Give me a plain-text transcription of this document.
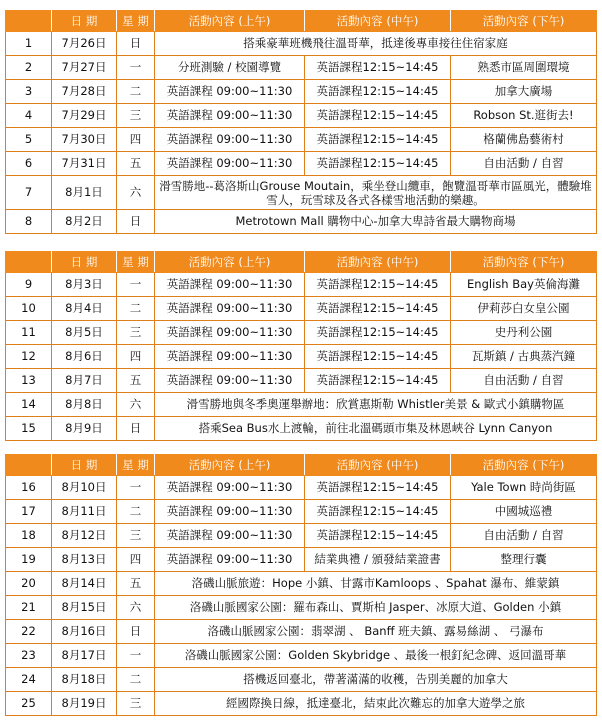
	日 期	星 期	活動內容 (上午)	活動內容 (中午)	活動內容 (下午)
1	7月26日	日	搭乘豪華班機飛往溫哥華，抵達後專車接往住宿家庭		
2	7月27日	一	分班測驗 / 校園導覽	英語課程12:15~14:45	熟悉市區周圍環境
3	7月28日	二	英語課程 09:00~11:30	英語課程12:15~14:45	加拿大廣場
4	7月29日	三	英語課程 09:00~11:30	英語課程12:15~14:45	Robson St.逛街去!
5	7月30日	四	英語課程 09:00~11:30	英語課程12:15~14:45	格蘭佛島藝術村
6	7月31日	五	英語課程 09:00~11:30	英語課程12:15~14:45	自由活動 / 自習
7	8月1日	六	滑雪勝地--葛洛斯山Grouse Moutain，乘坐登山纜車，飽覽溫哥華市區風光，體驗堆雪人，玩雪球及各式各樣雪地活動的樂趣。		
8	8月2日	日	Metrotown Mall 購物中心-加拿大卑詩省最大購物商場		
	日 期	星 期	活動內容 (上午)	活動內容 (中午)	活動內容 (下午)
9	8月3日	一	英語課程 09:00~11:30	英語課程12:15~14:45	English Bay英倫海灘
10	8月4日	二	英語課程 09:00~11:30	英語課程12:15~14:45	伊莉莎白女皇公園
11	8月5日	三	英語課程 09:00~11:30	英語課程12:15~14:45	史丹利公園
12	8月6日	四	英語課程 09:00~11:30	英語課程12:15~14:45	瓦斯鎮 / 古典蒸汽鐘
13	8月7日	五	英語課程 09:00~11:30	英語課程12:15~14:45	自由活動 / 自習
14	8月8日	六	滑雪勝地與冬季奧運舉辦地：欣賞惠斯勒 Whistler美景 & 歐式小鎮購物區		
15	8月9日	日	搭乘Sea Bus水上渡輪，前往北溫碼頭市集及林恩峽谷 Lynn Canyon		
	日 期	星 期	活動內容 (上午)	活動內容 (中午)	活動內容 (下午)
16	8月10日	一	英語課程 09:00~11:30	英語課程12:15~14:45	Yale Town 時尚街區
17	8月11日	二	英語課程 09:00~11:30	英語課程12:15~14:45	中國城巡禮
18	8月12日	三	英語課程 09:00~11:30	英語課程12:15~14:45	自由活動 / 自習
19	8月13日	四	英語課程 09:00~11:30	結業典禮 / 頒發結業證書	整理行囊
20	8月14日	五	洛磯山脈旅遊：Hope 小鎮、甘露市Kamloops 、Spahat 瀑布、維蒙鎮		
21	8月15日	六	洛磯山脈國家公園：羅布森山、賈斯柏 Jasper、冰原大道、Golden 小鎮		
22	8月16日	日	洛磯山脈國家公園：翡翠湖 、 Banff 班夫鎮、露易絲湖 、 弓瀑布		
23	8月17日	一	洛磯山脈國家公園：Golden Skybridge 、最後一根釘紀念碑、返回溫哥華		
24	8月18日	二	搭機返回臺北，帶著滿滿的收穫，告別美麗的加拿大		
25	8月19日	三	經國際換日線，抵達臺北，結束此次難忘的加拿大遊學之旅		
